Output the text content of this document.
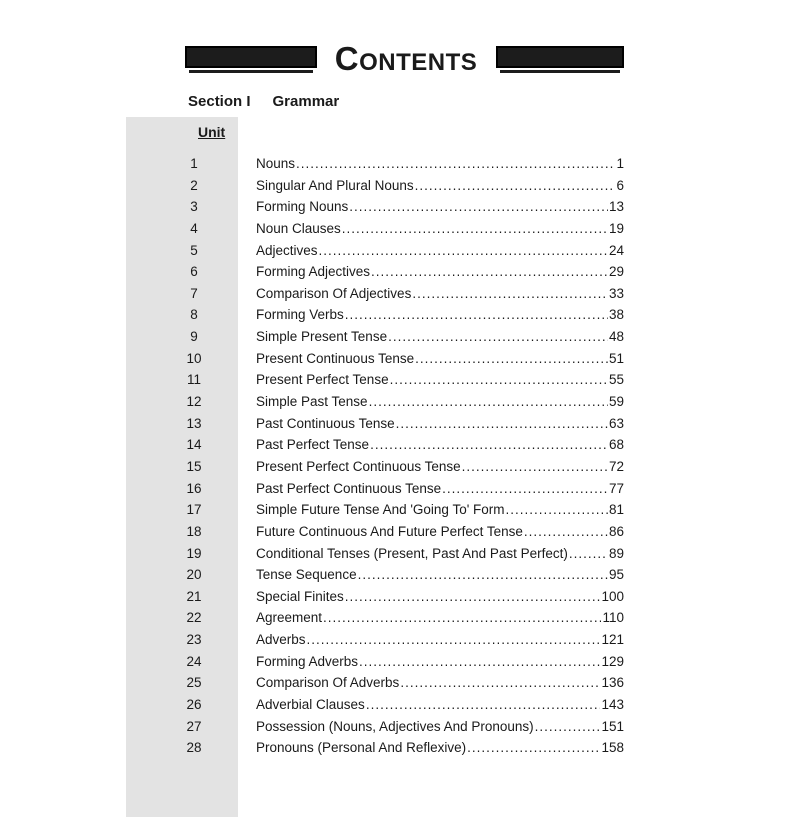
CONTENTS
Section I Grammar
Unit
1	Nouns .....	1
2	Singular And Plural Nouns .....	6
3	Forming Nouns .....	13
4	Noun Clauses .....	19
5	Adjectives .....	24
6	Forming Adjectives .....	29
7	Comparison Of Adjectives .....	33
8	Forming Verbs .....	38
9	Simple Present Tense .....	48
10	Present Continuous Tense .....	51
11	Present Perfect Tense .....	55
12	Simple Past Tense .....	59
13	Past Continuous Tense .....	63
14	Past Perfect Tense .....	68
15	Present Perfect Continuous Tense .....	72
16	Past Perfect Continuous Tense .....	77
17	Simple Future Tense And 'Going To' Form .....	81
18	Future Continuous And Future Perfect Tense .....	86
19	Conditional Tenses (Present, Past And Past Perfect) .....	89
20	Tense Sequence .....	95
21	Special Finites .....	100
22	Agreement .....	110
23	Adverbs .....	121
24	Forming Adverbs .....	129
25	Comparison Of Adverbs .....	136
26	Adverbial Clauses .....	143
27	Possession (Nouns, Adjectives And Pronouns) .....	151
28	Pronouns (Personal And Reflexive) .....	158
